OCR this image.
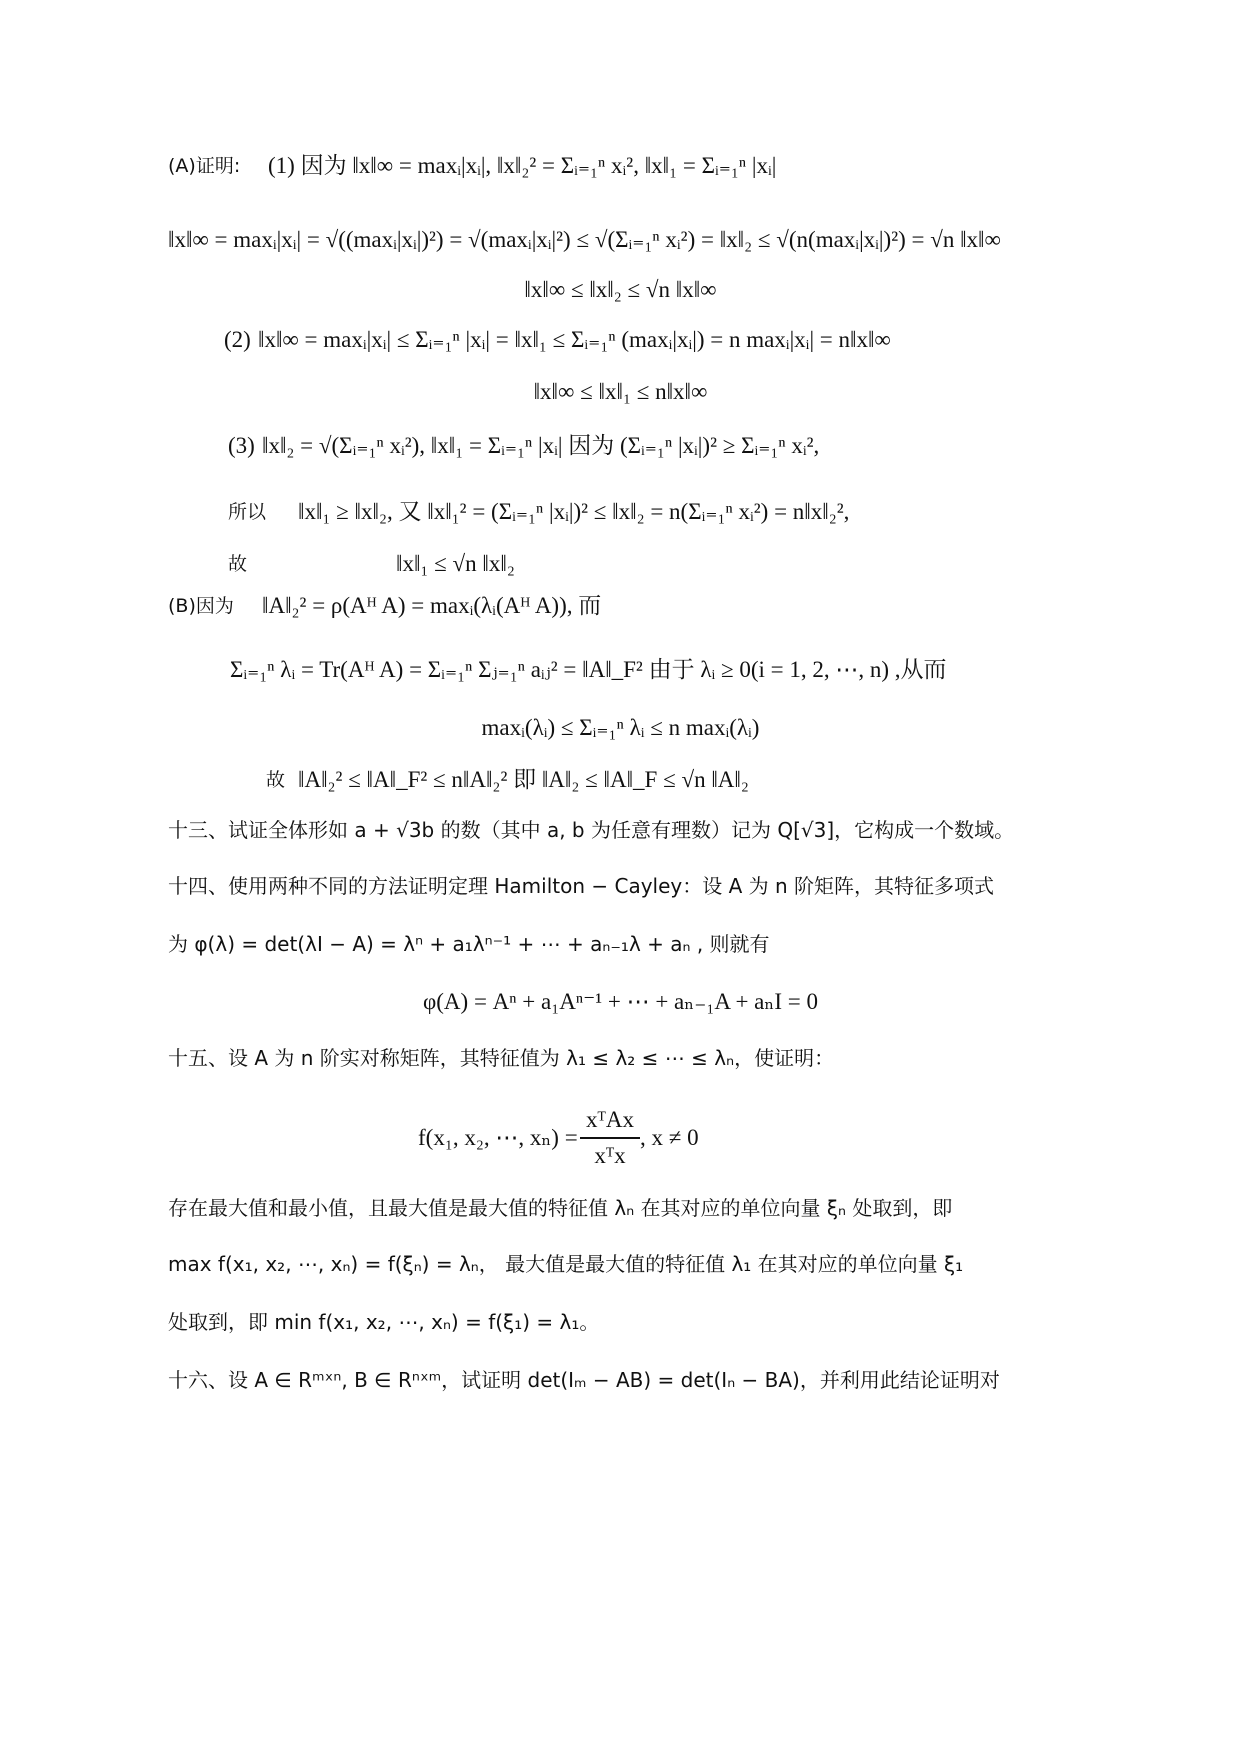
(A)证明: (1) 因为 ‖x‖∞ = maxᵢ|xᵢ|, ‖x‖₂² = Σᵢ₌₁ⁿ xᵢ², ‖x‖₁ = Σᵢ₌₁ⁿ |xᵢ|
‖x‖∞ = maxᵢ|xᵢ| = √((maxᵢ|xᵢ|)²) = √(maxᵢ|xᵢ|²) ≤ √(Σᵢ₌₁ⁿ xᵢ²) = ‖x‖₂ ≤ √(n(maxᵢ|xᵢ|)²) = √n ‖x‖∞
‖x‖∞ ≤ ‖x‖₂ ≤ √n ‖x‖∞
(2) ‖x‖∞ = maxᵢ|xᵢ| ≤ Σᵢ₌₁ⁿ |xᵢ| = ‖x‖₁ ≤ Σᵢ₌₁ⁿ (maxᵢ|xᵢ|) = n maxᵢ|xᵢ| = n‖x‖∞
‖x‖∞ ≤ ‖x‖₁ ≤ n‖x‖∞
(3) ‖x‖₂ = √(Σᵢ₌₁ⁿ xᵢ²), ‖x‖₁ = Σᵢ₌₁ⁿ |xᵢ| 因为 (Σᵢ₌₁ⁿ |xᵢ|)² ≥ Σᵢ₌₁ⁿ xᵢ²,
所以 ‖x‖₁ ≥ ‖x‖₂, 又 ‖x‖₁² = (Σᵢ₌₁ⁿ |xᵢ|)² ≤ ‖x‖₂ = n(Σᵢ₌₁ⁿ xᵢ²) = n‖x‖₂²,
故	‖x‖₁ ≤ √n ‖x‖₂
(B)因为 ‖A‖₂² = ρ(Aᴴ A) = maxᵢ(λᵢ(Aᴴ A)), 而
Σᵢ₌₁ⁿ λᵢ = Tr(Aᴴ A) = Σᵢ₌₁ⁿ Σⱼ₌₁ⁿ aᵢⱼ² = ‖A‖_F² 由于 λᵢ ≥ 0(i = 1, 2, ⋯, n) ,从而
maxᵢ(λᵢ) ≤ Σᵢ₌₁ⁿ λᵢ ≤ n maxᵢ(λᵢ)
故 ‖A‖₂² ≤ ‖A‖_F² ≤ n‖A‖₂² 即 ‖A‖₂ ≤ ‖A‖_F ≤ √n ‖A‖₂
十三、试证全体形如 a + √3b 的数（其中 a, b 为任意有理数）记为 Q[√3]，它构成一个数域。
十四、使用两种不同的方法证明定理 Hamilton − Cayley：设 A 为 n 阶矩阵，其特征多项式
为 φ(λ) = det(λI − A) = λⁿ + a₁λⁿ⁻¹ + ⋯ + aₙ₋₁λ + aₙ , 则就有
φ(A) = Aⁿ + a₁Aⁿ⁻¹ + ⋯ + aₙ₋₁A + aₙI = 0
十五、设 A 为 n 阶实对称矩阵，其特征值为 λ₁ ≤ λ₂ ≤ ⋯ ≤ λₙ，使证明：
xᵀAx
f(x₁, x₂, ⋯, xₙ) =
xᵀx
, x ≠ 0
存在最大值和最小值，且最大值是最大值的特征值 λₙ 在其对应的单位向量 ξₙ 处取到，即
max f(x₁, x₂, ⋯, xₙ) = f(ξₙ) = λₙ， 最大值是最大值的特征值 λ₁ 在其对应的单位向量 ξ₁
处取到，即 min f(x₁, x₂, ⋯, xₙ) = f(ξ₁) = λ₁。
十六、设 A ∈ Rᵐˣⁿ, B ∈ Rⁿˣᵐ，试证明 det(Iₘ − AB) = det(Iₙ − BA)，并利用此结论证明对
